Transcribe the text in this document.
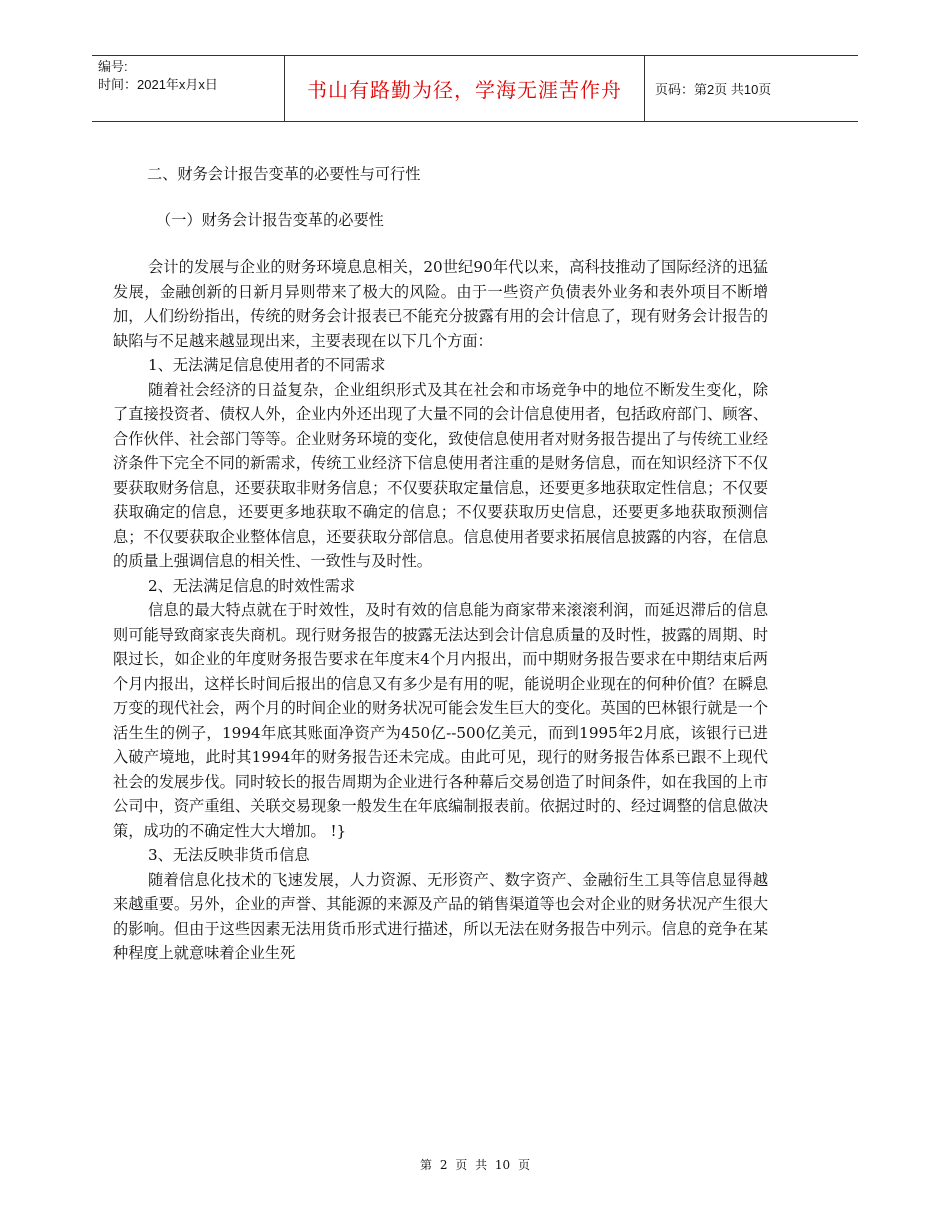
编号:
时间：2021年x月x日	书山有路勤为径，学海无涯苦作舟	页码：第2页 共10页

二、财务会计报告变革的必要性与可行性

（一）财务会计报告变革的必要性

会计的发展与企业的财务环境息息相关，20世纪90年代以来，高科技推动了国际经济的迅猛发展，金融创新的日新月异则带来了极大的风险。由于一些资产负债表外业务和表外项目不断增加，人们纷纷指出，传统的财务会计报表已不能充分披露有用的会计信息了，现有财务会计报告的缺陷与不足越来越显现出来，主要表现在以下几个方面：

1、无法满足信息使用者的不同需求

随着社会经济的日益复杂，企业组织形式及其在社会和市场竞争中的地位不断发生变化，除了直接投资者、债权人外，企业内外还出现了大量不同的会计信息使用者，包括政府部门、顾客、合作伙伴、社会部门等等。企业财务环境的变化，致使信息使用者对财务报告提出了与传统工业经济条件下完全不同的新需求，传统工业经济下信息使用者注重的是财务信息，而在知识经济下不仅要获取财务信息，还要获取非财务信息；不仅要获取定量信息，还要更多地获取定性信息；不仅要获取确定的信息，还要更多地获取不确定的信息；不仅要获取历史信息，还要更多地获取预测信息；不仅要获取企业整体信息，还要获取分部信息。信息使用者要求拓展信息披露的内容，在信息的质量上强调信息的相关性、一致性与及时性。

2、无法满足信息的时效性需求

信息的最大特点就在于时效性，及时有效的信息能为商家带来滚滚利润，而延迟滞后的信息则可能导致商家丧失商机。现行财务报告的披露无法达到会计信息质量的及时性，披露的周期、时限过长，如企业的年度财务报告要求在年度末4个月内报出，而中期财务报告要求在中期结束后两个月内报出，这样长时间后报出的信息又有多少是有用的呢，能说明企业现在的何种价值？在瞬息万变的现代社会，两个月的时间企业的财务状况可能会发生巨大的变化。英国的巴林银行就是一个活生生的例子，1994年底其账面净资产为450亿--500亿美元，而到1995年2月底，该银行已进入破产境地，此时其1994年的财务报告还未完成。由此可见，现行的财务报告体系已跟不上现代社会的发展步伐。同时较长的报告周期为企业进行各种幕后交易创造了时间条件，如在我国的上市公司中，资产重组、关联交易现象一般发生在年底编制报表前。依据过时的、经过调整的信息做决策，成功的不确定性大大增加。 !}

3、无法反映非货币信息

随着信息化技术的飞速发展，人力资源、无形资产、数字资产、金融衍生工具等信息显得越来越重要。另外，企业的声誉、其能源的来源及产品的销售渠道等也会对企业的财务状况产生很大的影响。但由于这些因素无法用货币形式进行描述，所以无法在财务报告中列示。信息的竞争在某种程度上就意味着企业生死

第 2 页 共 10 页
